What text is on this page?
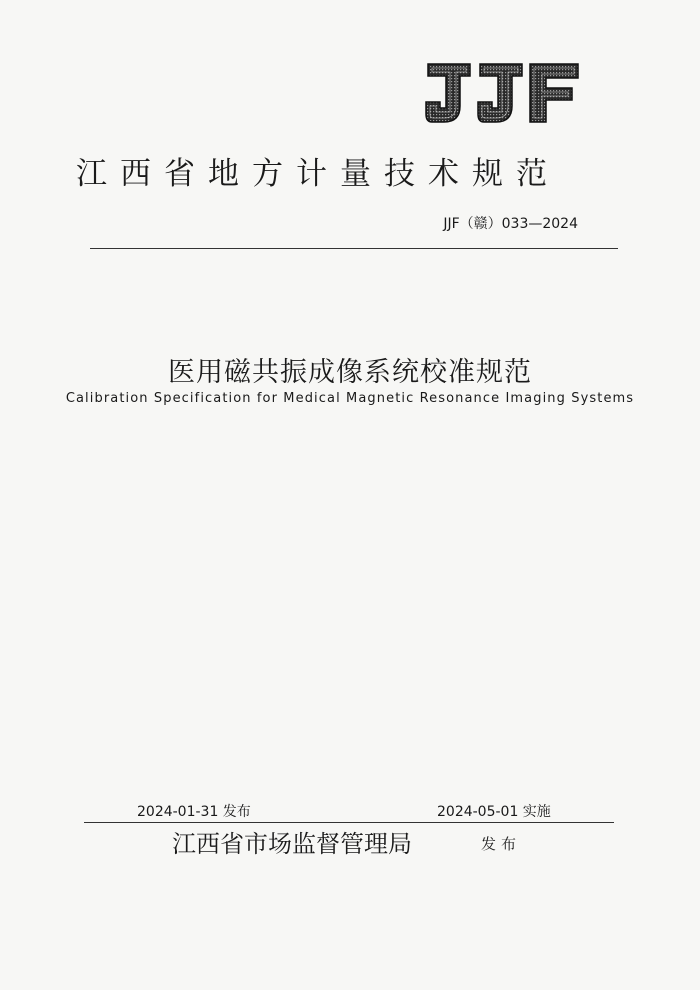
江西省地方计量技术规范
JJF（赣）033—2024
医用磁共振成像系统校准规范
Calibration Specification for Medical Magnetic Resonance Imaging Systems
2024-01-31 发布	2024-05-01 实施
江西省市场监督管理局	发布
